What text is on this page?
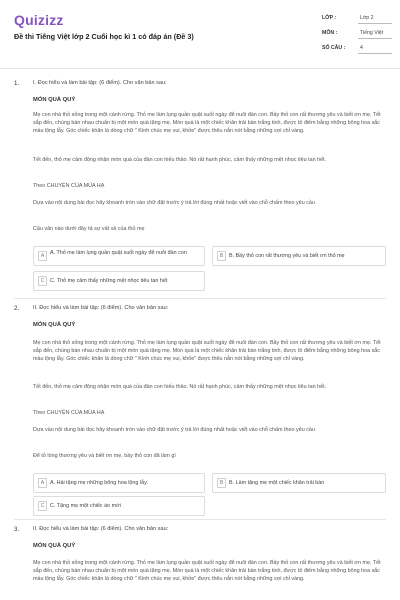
Quizizz
Đề thi Tiếng Việt lớp 2 Cuối học kì 1 có đáp án (Đề 3)
LỚP :	Lớp 2
MÔN :	Tiếng Việt
SỐ CÂU :	4
1. I. Đọc hiểu và làm bài tập: (6 điểm). Cho văn bản sau:
MÓN QUÀ QUÝ
Mẹ con nhà thỏ sống trong một cánh rừng. Thỏ mẹ làm lụng quần quật suốt ngày để nuôi đàn con. Bầy thỏ con rất thương yêu và biết ơn mẹ. Tết sắp đến, chúng bàn nhau chuẩn bị một món quà tặng mẹ. Món quà là một chiếc khăn trải bàn trắng tinh, được tô điểm bằng những bông hoa sắc màu lộng lẫy. Góc chiếc khăn là dòng chữ " Kính chúc mẹ vui, khỏe" được thêu nắn nót bằng những sợi chỉ vàng.
Tết đến, thỏ mẹ cảm động nhận món quà của đàn con hiếu thảo. Nó rất hạnh phúc, cảm thấy những mệt nhọc tiêu tan hết.
Theo CHUYỆN CỦA MÙA HẠ
Dựa vào nội dung bài đọc hãy khoanh tròn vào chữ đặt trước ý trả lời đúng nhất hoặc viết vào chỗ chấm theo yêu cầu
Câu văn nào dưới đây tả sự vất vả của thỏ mẹ
A	A. Thỏ mẹ làm lụng quần quật suốt ngày để nuôi đàn con	B	B. Bầy thỏ con rất thương yêu và biết ơn thỏ mẹ
C	C. Thỏ mẹ cảm thấy những mệt nhọc tiêu tan hết
2. II. Đọc hiểu và làm bài tập: (6 điểm). Cho văn bản sau:
MÓN QUÀ QUÝ
Mẹ con nhà thỏ sống trong một cánh rừng. Thỏ mẹ làm lụng quần quật suốt ngày để nuôi đàn con. Bầy thỏ con rất thương yêu và biết ơn mẹ. Tết sắp đến, chúng bàn nhau chuẩn bị một món quà tặng mẹ. Món quà là một chiếc khăn trải bàn trắng tinh, được tô điểm bằng những bông hoa sắc màu lộng lẫy. Góc chiếc khăn là dòng chữ " Kính chúc mẹ vui, khỏe" được thêu nắn nót bằng những sợi chỉ vàng.
Tết đến, thỏ mẹ cảm động nhận món quà của đàn con hiếu thảo. Nó rất hạnh phúc, cảm thấy những mệt nhọc tiêu tan hết.
Theo CHUYỆN CỦA MÙA HẠ
Dựa vào nội dung bài đọc hãy khoanh tròn vào chữ đặt trước ý trả lời đúng nhất hoặc viết vào chỗ chấm theo yêu cầu
Để tỏ lòng thương yêu và biết ơn mẹ, bầy thỏ con đã làm gì
A	A. Hái tặng mẹ những bông hoa lộng lẫy.	B	B. Làm tặng mẹ một chiếc khăn trải bàn
C	C. Tặng mẹ một chiếc áo mới
3. II. Đọc hiểu và làm bài tập: (6 điểm). Cho văn bản sau:
MÓN QUÀ QUÝ
Mẹ con nhà thỏ sống trong một cánh rừng. Thỏ mẹ làm lụng quần quật suốt ngày để nuôi đàn con. Bầy thỏ con rất thương yêu và biết ơn mẹ. Tết sắp đến, chúng bàn nhau chuẩn bị một món quà tặng mẹ. Món quà là một chiếc khăn trải bàn trắng tinh, được tô điểm bằng những bông hoa sắc màu lộng lẫy. Góc chiếc khăn là dòng chữ " Kính chúc mẹ vui, khỏe" được thêu nắn nót bằng những sợi chỉ vàng.
